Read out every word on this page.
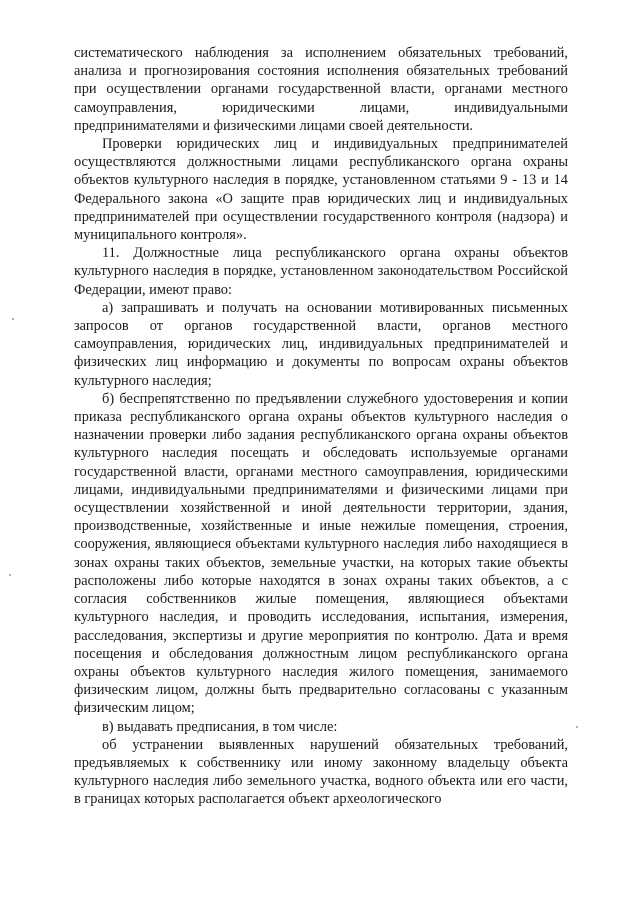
систематического наблюдения за исполнением обязательных требований, анализа и прогнозирования состояния исполнения обязательных требований при осуществлении органами государственной власти, органами местного самоуправления, юридическими лицами, индивидуальными предпринимателями и физическими лицами своей деятельности.

Проверки юридических лиц и индивидуальных предпринимателей осуществляются должностными лицами республиканского органа охраны объектов культурного наследия в порядке, установленном статьями 9 - 13 и 14 Федерального закона «О защите прав юридических лиц и индивидуальных предпринимателей при осуществлении государственного контроля (надзора) и муниципального контроля».

11. Должностные лица республиканского органа охраны объектов культурного наследия в порядке, установленном законодательством Российской Федерации, имеют право:

а) запрашивать и получать на основании мотивированных письменных запросов от органов государственной власти, органов местного самоуправления, юридических лиц, индивидуальных предпринимателей и физических лиц информацию и документы по вопросам охраны объектов культурного наследия;

б) беспрепятственно по предъявлении служебного удостоверения и копии приказа республиканского органа охраны объектов культурного наследия о назначении проверки либо задания республиканского органа охраны объектов культурного наследия посещать и обследовать используемые органами государственной власти, органами местного самоуправления, юридическими лицами, индивидуальными предпринимателями и физическими лицами при осуществлении хозяйственной и иной деятельности территории, здания, производственные, хозяйственные и иные нежилые помещения, строения, сооружения, являющиеся объектами культурного наследия либо находящиеся в зонах охраны таких объектов, земельные участки, на которых такие объекты расположены либо которые находятся в зонах охраны таких объектов, а с согласия собственников жилые помещения, являющиеся объектами культурного наследия, и проводить исследования, испытания, измерения, расследования, экспертизы и другие мероприятия по контролю. Дата и время посещения и обследования должностным лицом республиканского органа охраны объектов культурного наследия жилого помещения, занимаемого физическим лицом, должны быть предварительно согласованы с указанным физическим лицом;

в) выдавать предписания, в том числе:

об устранении выявленных нарушений обязательных требований, предъявляемых к собственнику или иному законному владельцу объекта культурного наследия либо земельного участка, водного объекта или его части, в границах которых располагается объект археологического
